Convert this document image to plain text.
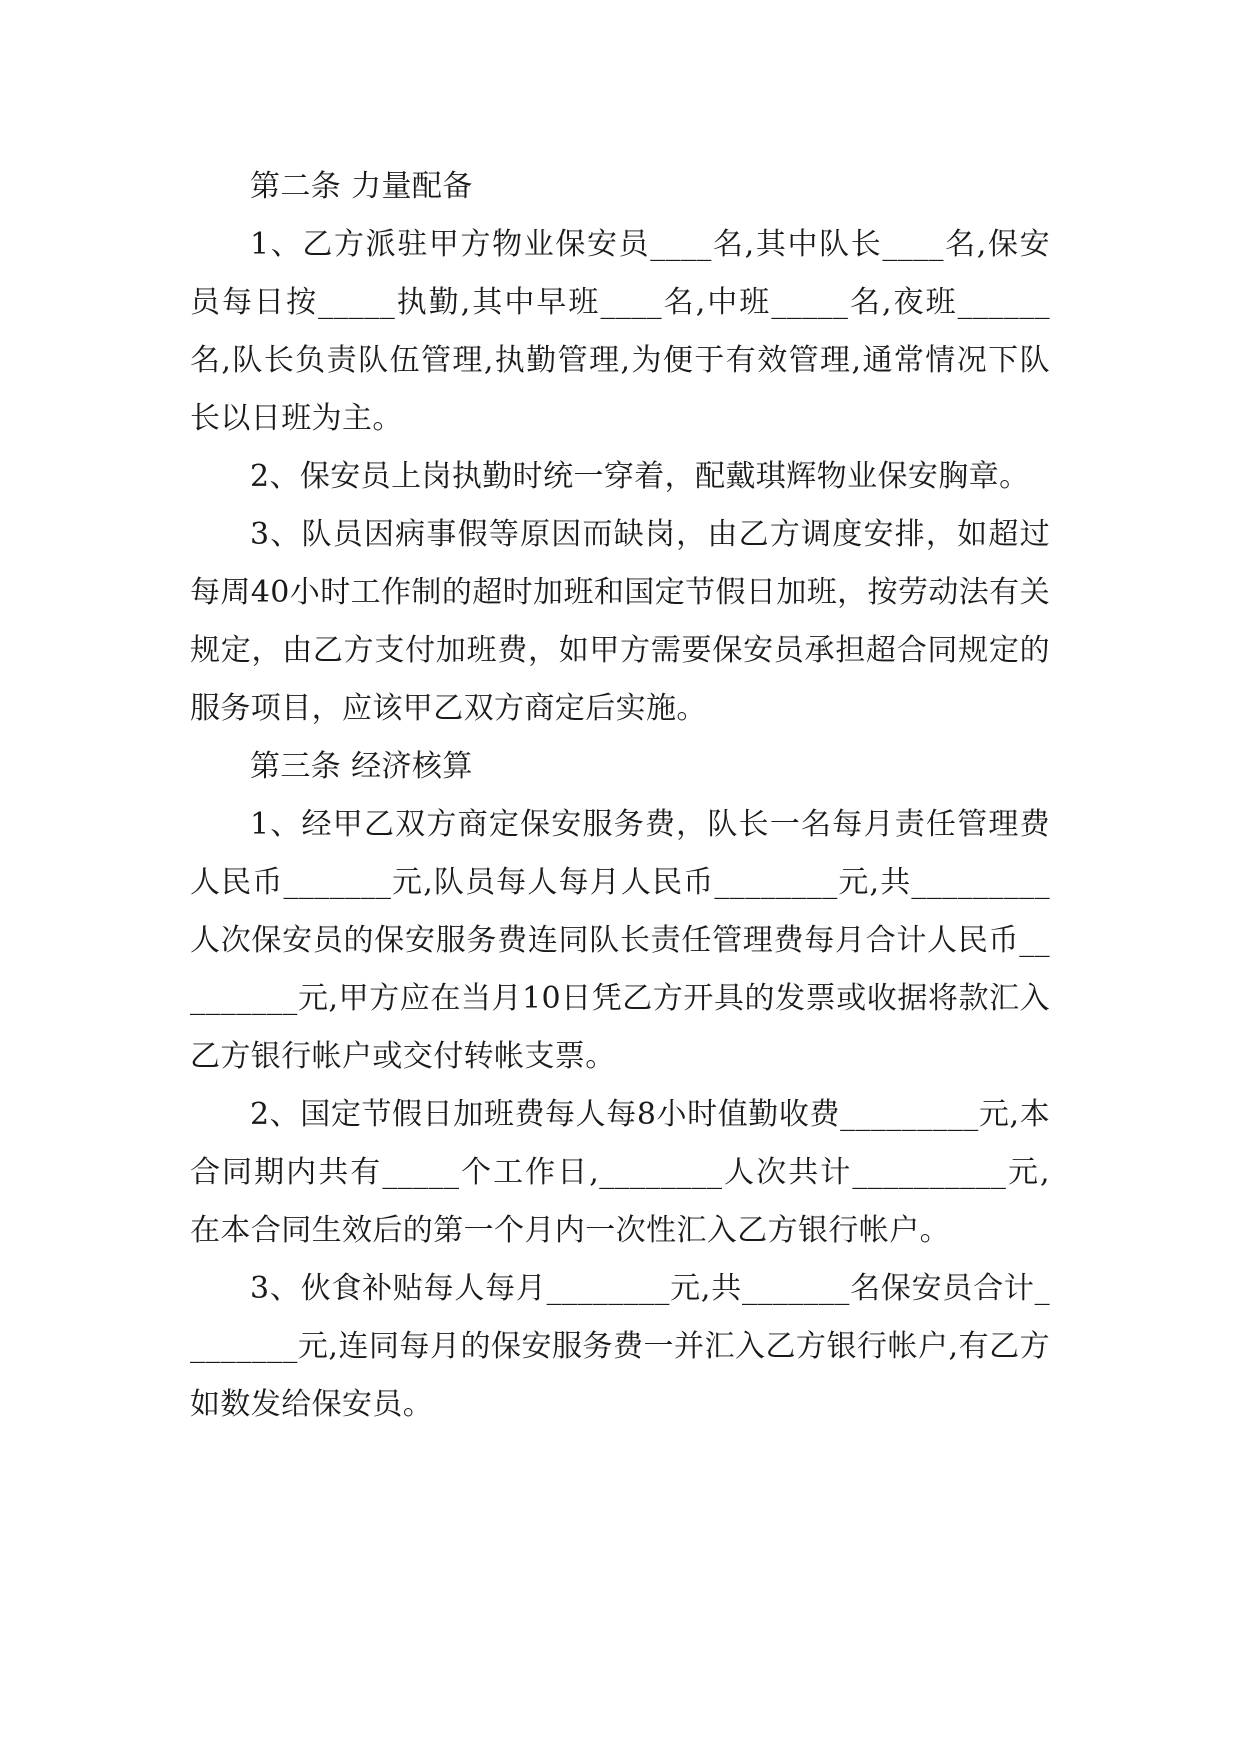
第二条 力量配备

1、乙方派驻甲方物业保安员____名,其中队长____名,保安员每日按_____执勤,其中早班____名,中班_____名,夜班______名,队长负责队伍管理,执勤管理,为便于有效管理,通常情况下队长以日班为主。

2、保安员上岗执勤时统一穿着，配戴琪辉物业保安胸章。

3、队员因病事假等原因而缺岗，由乙方调度安排，如超过每周40小时工作制的超时加班和国定节假日加班，按劳动法有关规定，由乙方支付加班费，如甲方需要保安员承担超合同规定的服务项目，应该甲乙双方商定后实施。

第三条 经济核算

1、经甲乙双方商定保安服务费，队长一名每月责任管理费人民币_______元,队员每人每月人民币________元,共_________人次保安员的保安服务费连同队长责任管理费每月合计人民币_________元,甲方应在当月10日凭乙方开具的发票或收据将款汇入乙方银行帐户或交付转帐支票。

2、国定节假日加班费每人每8小时值勤收费_________元,本合同期内共有_____个工作日,________人次共计__________元,在本合同生效后的第一个月内一次性汇入乙方银行帐户。

3、伙食补贴每人每月________元,共_______名保安员合计________元,连同每月的保安服务费一并汇入乙方银行帐户,有乙方如数发给保安员。
